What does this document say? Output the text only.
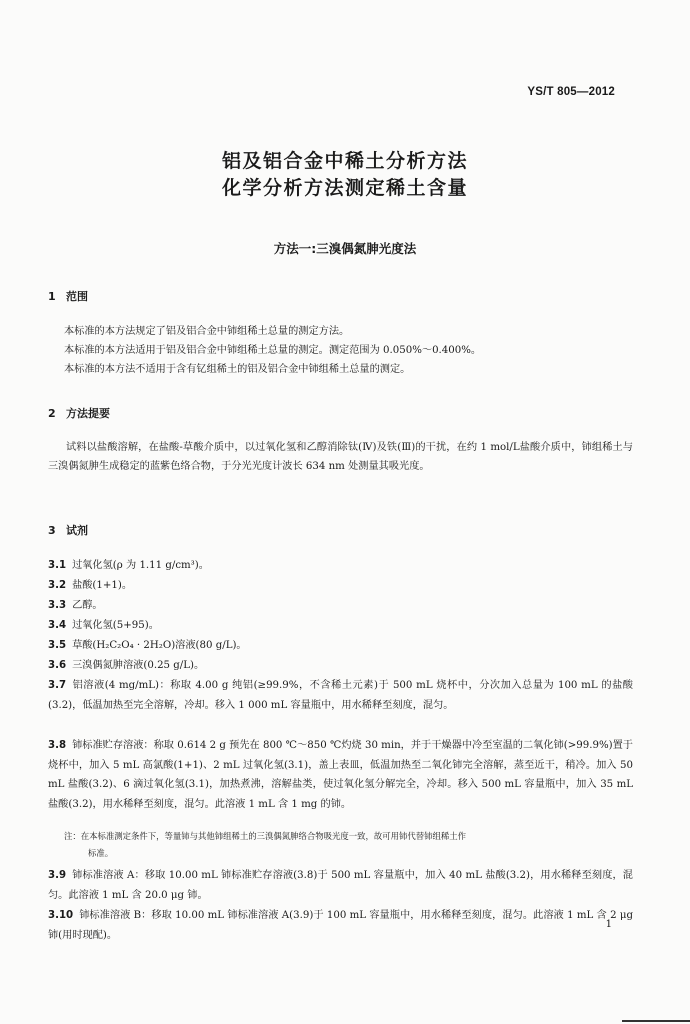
YS/T 805—2012
铝及铝合金中稀土分析方法
化学分析方法测定稀土含量
方法一:三溴偶氮胂光度法
1 范围
本标准的本方法规定了铝及铝合金中铈组稀土总量的测定方法。
本标准的本方法适用于铝及铝合金中铈组稀土总量的测定。测定范围为 0.050%～0.400%。
本标准的本方法不适用于含有钇组稀土的铝及铝合金中铈组稀土总量的测定。
2 方法提要
试料以盐酸溶解，在盐酸-草酸介质中，以过氧化氢和乙醇消除钛(Ⅳ)及铁(Ⅲ)的干扰，在约 1 mol/L盐酸介质中，铈组稀土与三溴偶氮胂生成稳定的蓝紫色络合物，于分光光度计波长 634 nm 处测量其吸光度。
3 试剂
3.1 过氧化氢(ρ 为 1.11 g/cm³)。
3.2 盐酸(1+1)。
3.3 乙醇。
3.4 过氧化氢(5+95)。
3.5 草酸(H₂C₂O₄ · 2H₂O)溶液(80 g/L)。
3.6 三溴偶氮胂溶液(0.25 g/L)。
3.7 铝溶液(4 mg/mL)：称取 4.00 g 纯铝(≥99.9%，不含稀土元素)于 500 mL 烧杯中，分次加入总量为 100 mL 的盐酸(3.2)，低温加热至完全溶解，冷却。移入 1 000 mL 容量瓶中，用水稀释至刻度，混匀。
3.8 铈标准贮存溶液：称取 0.614 2 g 预先在 800 ℃～850 ℃灼烧 30 min，并于干燥器中冷至室温的二氧化铈(>99.9%)置于烧杯中，加入 5 mL 高氯酸(1+1)、2 mL 过氧化氢(3.1)，盖上表皿，低温加热至二氧化铈完全溶解，蒸至近干，稍冷。加入 50 mL 盐酸(3.2)、6 滴过氧化氢(3.1)，加热煮沸，溶解盐类，使过氧化氢分解完全，冷却。移入 500 mL 容量瓶中，加入 35 mL 盐酸(3.2)，用水稀释至刻度，混匀。此溶液 1 mL 含 1 mg 的铈。
注：在本标准测定条件下，等量铈与其他铈组稀土的三溴偶氮胂络合物吸光度一致，故可用铈代替铈组稀土作
标准。
3.9 铈标准溶液 A：移取 10.00 mL 铈标准贮存溶液(3.8)于 500 mL 容量瓶中，加入 40 mL 盐酸(3.2)，用水稀释至刻度，混匀。此溶液 1 mL 含 20.0 μg 铈。
3.10 铈标准溶液 B：移取 10.00 mL 铈标准溶液 A(3.9)于 100 mL 容量瓶中，用水稀释至刻度，混匀。此溶液 1 mL 含 2 μg 铈(用时现配)。
1
